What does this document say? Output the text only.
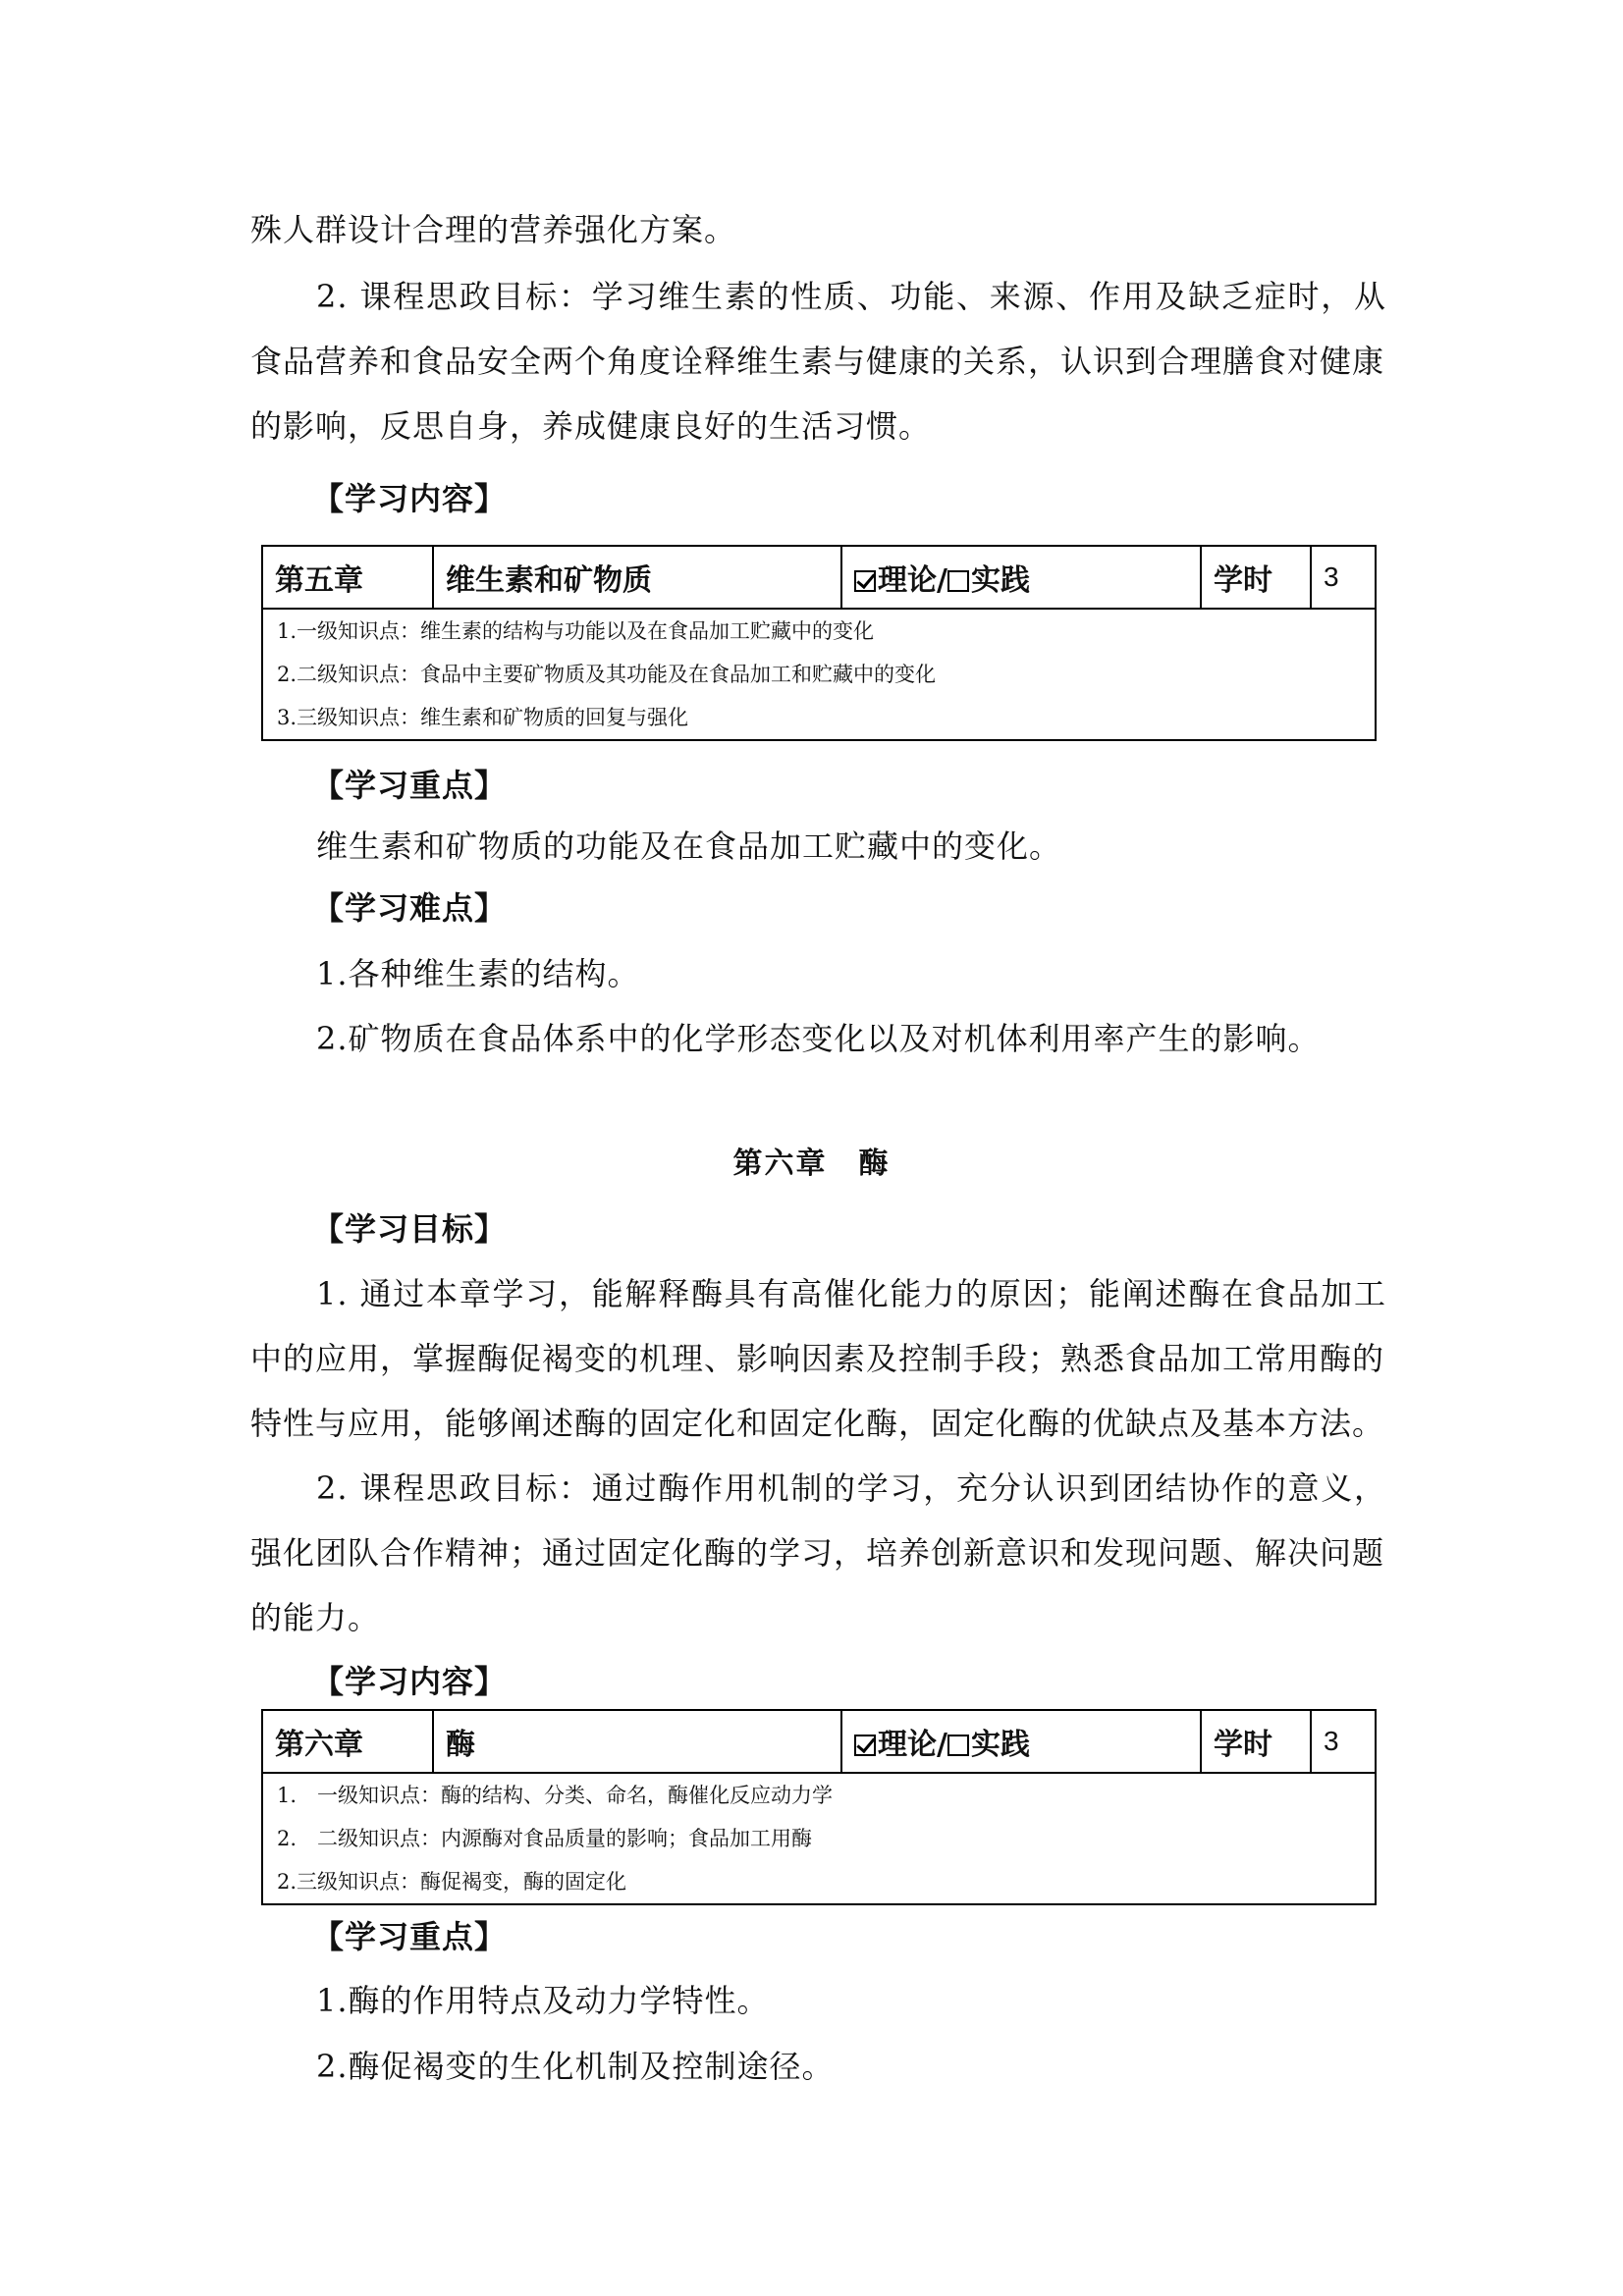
殊人群设计合理的营养强化方案。
2. 课程思政目标：学习维生素的性质、功能、来源、作用及缺乏症时，从
食品营养和食品安全两个角度诠释维生素与健康的关系，认识到合理膳食对健康
的影响，反思自身，养成健康良好的生活习惯。
【学习内容】
第五章	维生素和矿物质	理论/ 实践	学时	3

1.一级知识点：维生素的结构与功能以及在食品加工贮藏中的变化
2.二级知识点：食品中主要矿物质及其功能及在食品加工和贮藏中的变化
3.三级知识点：维生素和矿物质的回复与强化
【学习重点】
维生素和矿物质的功能及在食品加工贮藏中的变化。
【学习难点】
1.各种维生素的结构。
2.矿物质在食品体系中的化学形态变化以及对机体利用率产生的影响。
第六章　酶
【学习目标】
1. 通过本章学习，能解释酶具有高催化能力的原因；能阐述酶在食品加工
中的应用，掌握酶促褐变的机理、影响因素及控制手段；熟悉食品加工常用酶的
特性与应用，能够阐述酶的固定化和固定化酶，固定化酶的优缺点及基本方法。
2. 课程思政目标：通过酶作用机制的学习，充分认识到团结协作的意义，
强化团队合作精神；通过固定化酶的学习，培养创新意识和发现问题、解决问题
的能力。
【学习内容】
第六章	酶	理论/ 实践	学时	3

1.　一级知识点：酶的结构、分类、命名，酶催化反应动力学
2.　二级知识点：内源酶对食品质量的影响；食品加工用酶
2.三级知识点：酶促褐变，酶的固定化
【学习重点】
1.酶的作用特点及动力学特性。
2.酶促褐变的生化机制及控制途径。
